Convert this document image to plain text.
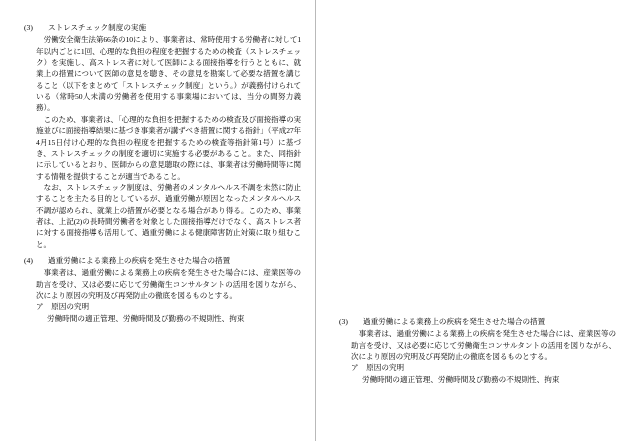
(3) ストレスチェック制度の実施

労働安全衛生法第66条の10により、事業者は、常時使用する労働者に対して1年以内ごとに1回、心理的な負担の程度を把握するための検査（ストレスチェック）を実施し、高ストレス者に対して医師による面接指導を行うとともに、就業上の措置について医師の意見を聴き、その意見を勘案して必要な措置を講じること（以下をまとめて「ストレスチェック制度」という。）が義務付けられている（常時50人未満の労働者を使用する事業場においては、当分の間努力義務）。

このため、事業者は、「心理的な負担を把握するための検査及び面接指導の実施並びに面接指導結果に基づき事業者が講ずべき措置に関する指針」（平成27年4月15日付け心理的な負担の程度を把握するための検査等指針第1号）に基づき、ストレスチェックの制度を適切に実施する必要があること。また、同指針に示しているとおり、医師からの意見聴取の際には、事業者は労働時間等に関する情報を提供することが適当であること。

なお、ストレスチェック制度は、労働者のメンタルヘルス不調を未然に防止することを主たる目的としているが、過重労働が原因となったメンタルヘルス不調が認められ、就業上の措置が必要となる場合があり得る。このため、事業者は、上記(2)の長時間労働者を対象とした面接指導だけでなく、高ストレス者に対する面接指導も活用して、過重労働による健康障害防止対策に取り組むこと。

(4) 過重労働による業務上の疾病を発生させた場合の措置

事業者は、過重労働による業務上の疾病を発生させた場合には、産業医等の助言を受け、又は必要に応じて労働衛生コンサルタントの活用を図りながら、次により原因の究明及び再発防止の徹底を図るものとする。

ア　原因の究明

労働時間の適正管理、労働時間及び勤務の不規則性、拘束	(3) 過重労働による業務上の疾病を発生させた場合の措置

事業者は、過重労働による業務上の疾病を発生させた場合には、産業医等の助言を受け、又は必要に応じて労働衛生コンサルタントの活用を図りながら、次により原因の究明及び再発防止の徹底を図るものとする。

ア　原因の究明

労働時間の適正管理、労働時間及び勤務の不規則性、拘束
